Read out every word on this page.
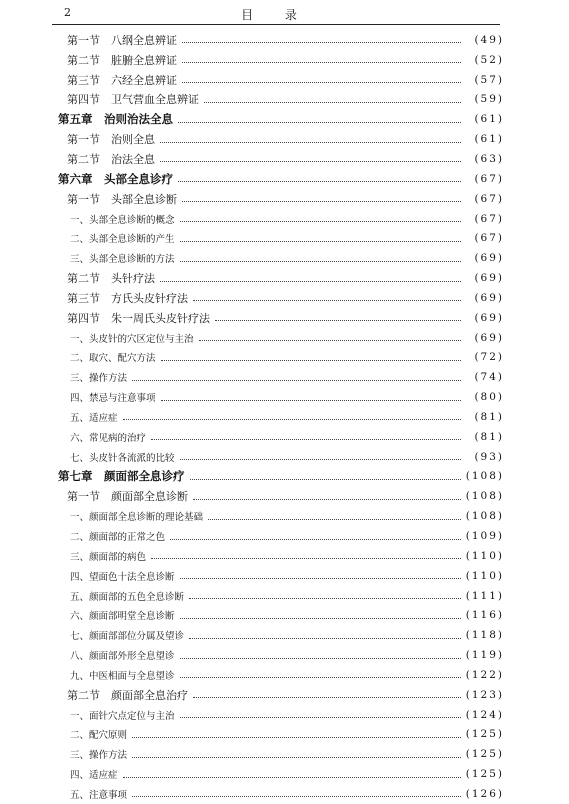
2	目 录
第一节　八纲全息辨证	(49)
第二节　脏腑全息辨证	(52)
第三节　六经全息辨证	(57)
第四节　卫气营血全息辨证	(59)
第五章　治则治法全息	(61)
第一节　治则全息	(61)
第二节　治法全息	(63)
第六章　头部全息诊疗	(67)
第一节　头部全息诊断	(67)
一、头部全息诊断的概念	(67)
二、头部全息诊断的产生	(67)
三、头部全息诊断的方法	(69)
第二节　头针疗法	(69)
第三节　方氏头皮针疗法	(69)
第四节　朱一周氏头皮针疗法	(69)
一、头皮针的穴区定位与主治	(69)
二、取穴、配穴方法	(72)
三、操作方法	(74)
四、禁忌与注意事项	(80)
五、适应症	(81)
六、常见病的治疗	(81)
七、头皮针各流派的比较	(93)
第七章　颜面部全息诊疗	(108)
第一节　颜面部全息诊断	(108)
一、颜面部全息诊断的理论基础	(108)
二、颜面部的正常之色	(109)
三、颜面部的病色	(110)
四、望面色十法全息诊断	(110)
五、颜面部的五色全息诊断	(111)
六、颜面部明堂全息诊断	(116)
七、颜面部部位分属及望诊	(118)
八、颜面部外形全息望诊	(119)
九、中医相面与全息望诊	(122)
第二节　颜面部全息治疗	(123)
一、面针穴点定位与主治	(124)
二、配穴原则	(125)
三、操作方法	(125)
四、适应症	(125)
五、注意事项	(126)
